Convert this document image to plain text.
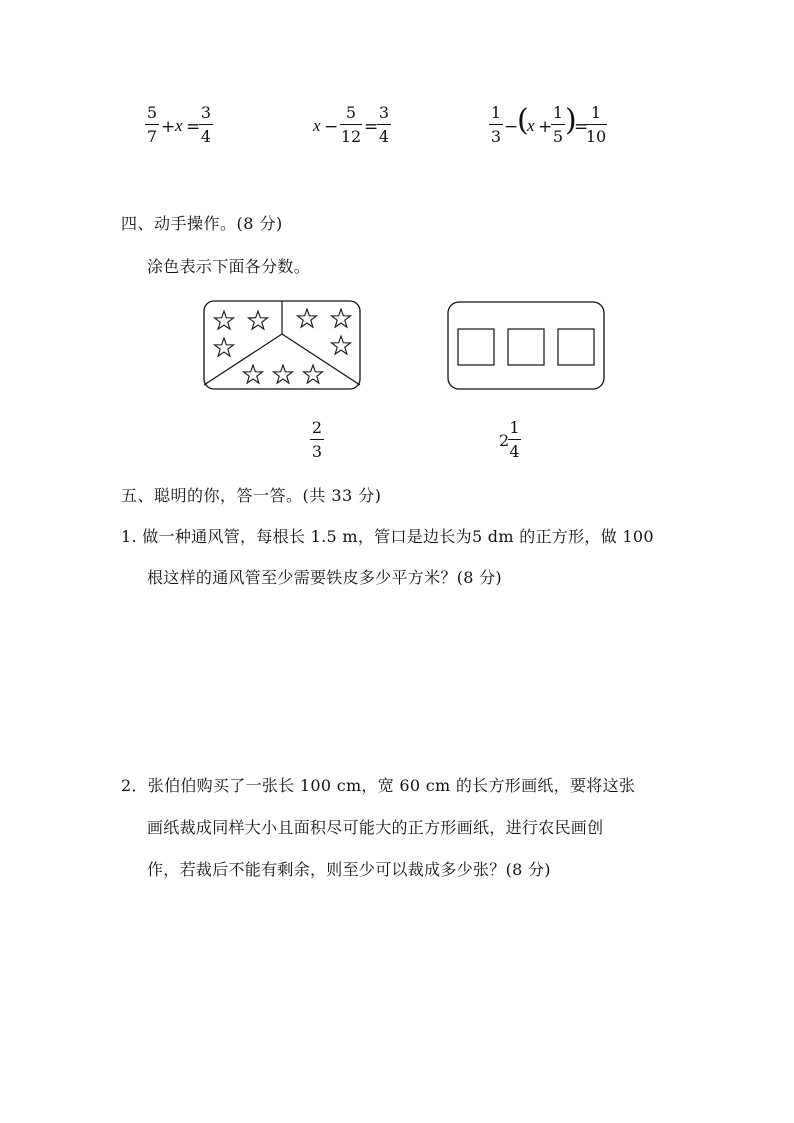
5
7 + x =
3
4
x −
5
12 =
3
4
1
3 −
(
x +
1
5 )
=
1
10
四、动手操作。(8 分)
涂色表示下面各分数。
2
3
2
1
4
五、聪明的你，答一答。(共 33 分)
1. 做一种通风管，每根长 1.5 m，管口是边长为5 dm 的正方形，做 100
根这样的通风管至少需要铁皮多少平方米？(8 分)
2．张伯伯购买了一张长 100 cm，宽 60 cm 的长方形画纸，要将这张
画纸裁成同样大小且面积尽可能大的正方形画纸，进行农民画创
作，若裁后不能有剩余，则至少可以裁成多少张？(8 分)
